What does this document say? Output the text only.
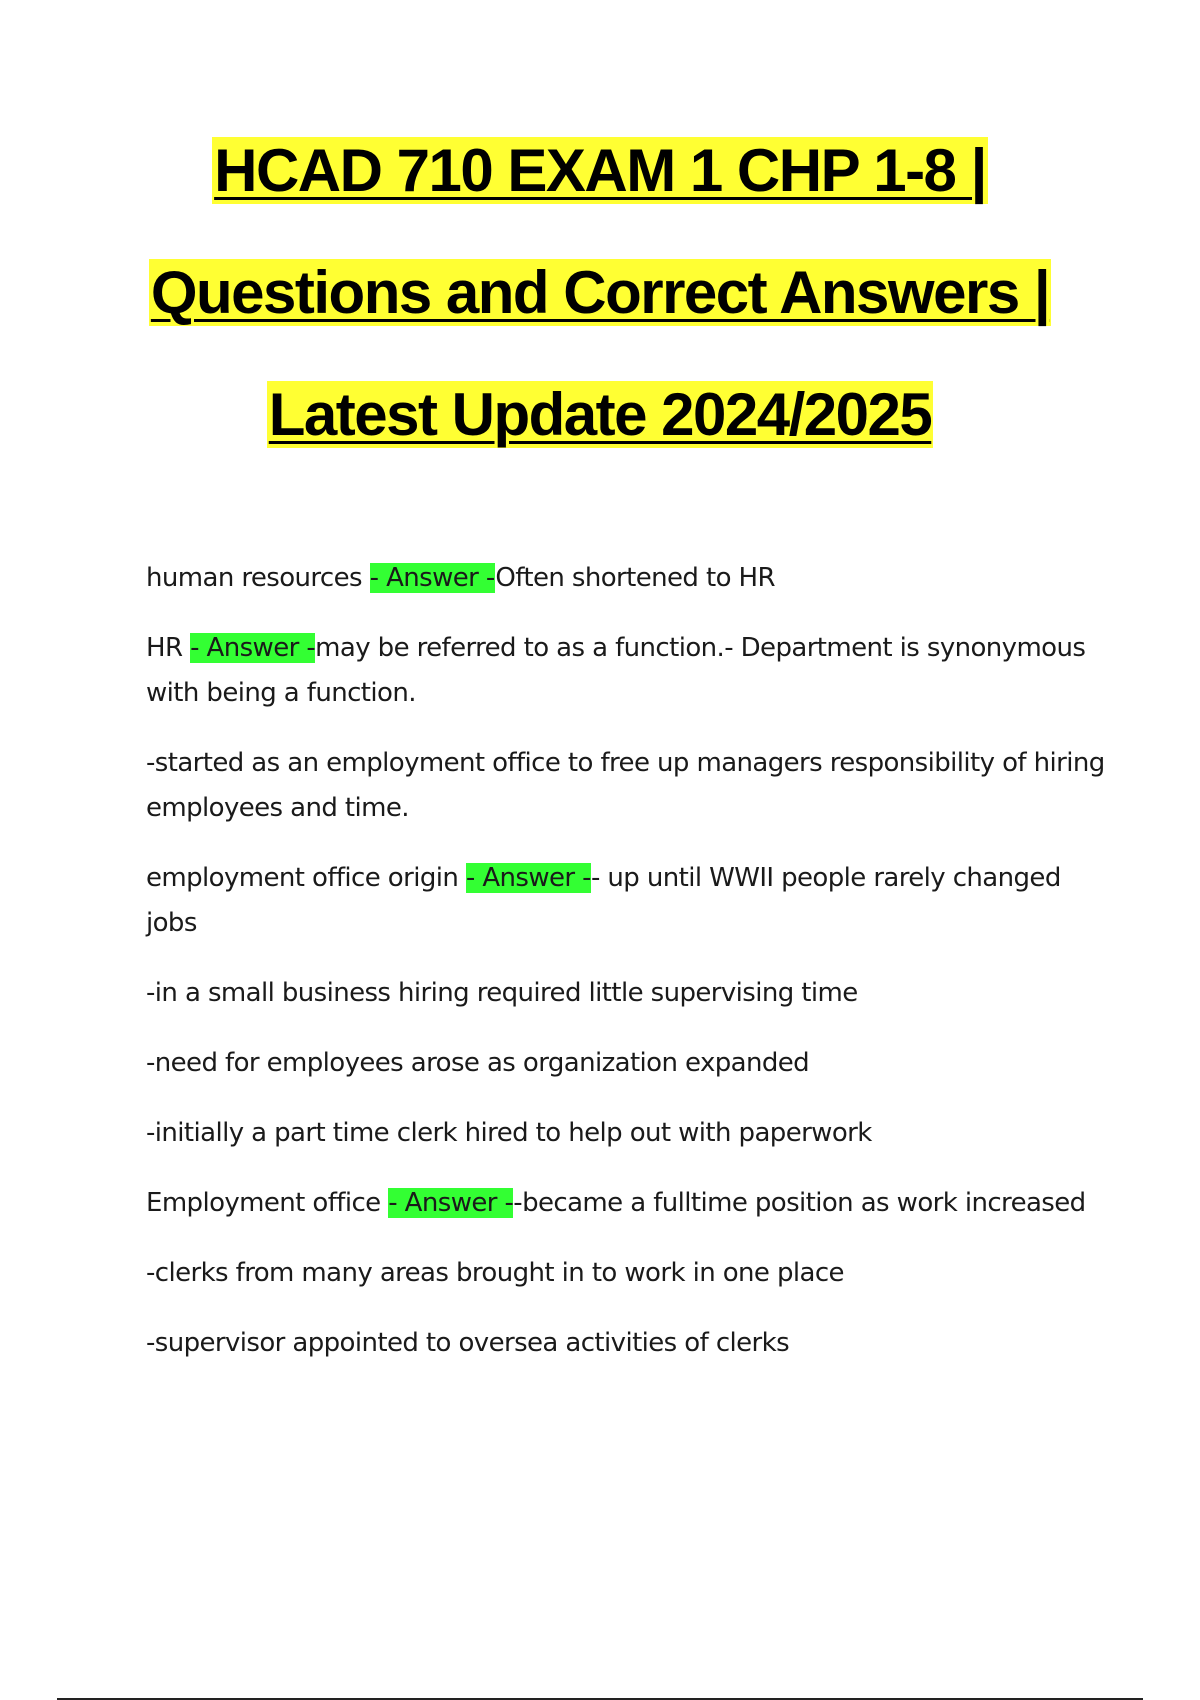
HCAD 710 EXAM 1 CHP 1-8 |
Questions and Correct Answers |
Latest Update 2024/2025

human resources - Answer -Often shortened to HR

HR - Answer -may be referred to as a function.- Department is synonymous with being a function.

-started as an employment office to free up managers responsibility of hiring employees and time.

employment office origin - Answer -- up until WWII people rarely changed jobs

-in a small business hiring required little supervising time

-need for employees arose as organization expanded

-initially a part time clerk hired to help out with paperwork

Employment office - Answer --became a fulltime position as work increased

-clerks from many areas brought in to work in one place

-supervisor appointed to oversea activities of clerks
